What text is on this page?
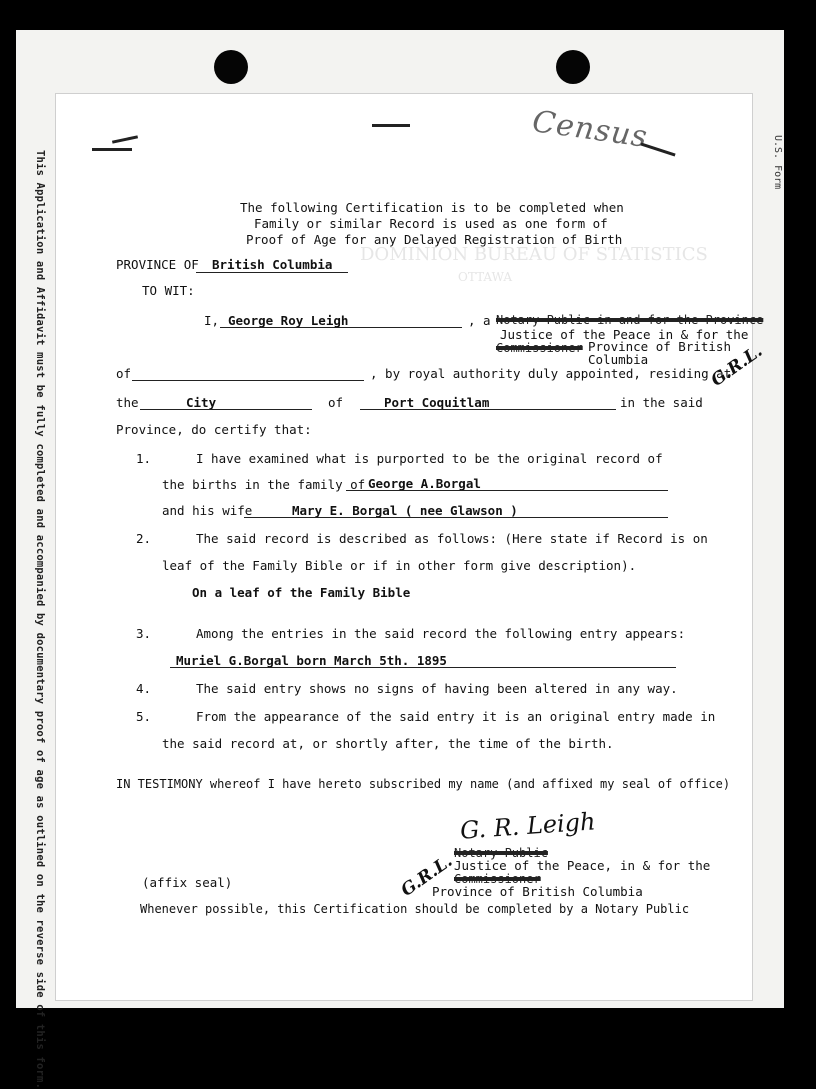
This Application and Affidavit must be fully completed and accompanied by documentary proof of age as outlined on the reverse side of this form.	U.S. Form
DOMINION BUREAU OF STATISTICS
OTTAWA
Census
The following Certification is to be completed when
Family or similar Record is used as one form of
Proof of Age for any Delayed Registration of Birth
PROVINCE OF British Columbia
TO WIT:
I, George Roy Leigh	, a Notary Public in and for the Province
Justice of the Peace in & for the
Commissioner Province of British
Columbia	G.R.L.
of	, by royal authority duly appointed, residing at
the	City	of	Port Coquitlam	in the said
Province, do certify that:
1.	I have examined what is purported to be the original record of
the births in the family of George A.Borgal
and his wife	Mary E. Borgal ( nee Glawson )
2.	The said record is described as follows: (Here state if Record is on
leaf of the Family Bible or if in other form give description).
On a leaf of the Family Bible
3.	Among the entries in the said record the following entry appears:
Muriel G.Borgal born March 5th. 1895
4.	The said entry shows no signs of having been altered in any way.
5.	From the appearance of the said entry it is an original entry made in
the said record at, or shortly after, the time of the birth.
IN TESTIMONY whereof I have hereto subscribed my name (and affixed my seal of office)
G. R. Leigh
Notary Public
Justice of the Peace, in & for the
Commissioner
Province of British Columbia
G.R.L.
(affix seal)
Whenever possible, this Certification should be completed by a Notary Public
